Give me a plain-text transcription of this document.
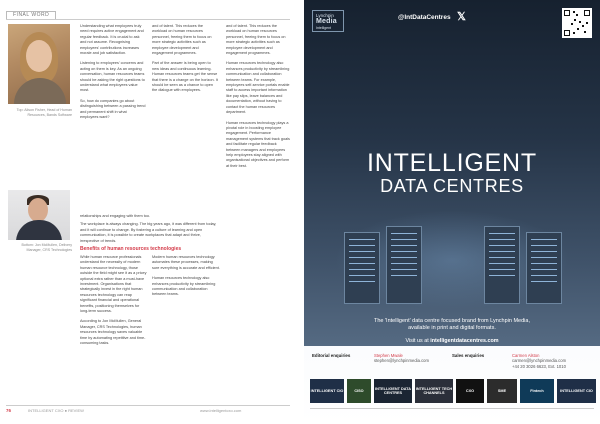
FINAL WORD
Top: Alison Fisher, Head of Human Resources, Bands Software
Bottom: Jon McMullen, Delivery Manager, CRS Technologies

Understanding what employees truly need requires active engagement and regular feedback. It is crucial to ask and not assume. Recognising employees' contributions increases morale and job satisfaction.

Listening to employees' concerns and acting on them is key. As an ongoing conversation, human resources teams should be asking the right questions to understand what employees value most.

So, how do companies go about distinguishing between a passing trend and permanent shift in what employees want?

and of talent. This reduces the workload on human resources personnel, freeing them to focus on more strategic activities such as employee development and engagement programmes.

Part of the answer is being open to new ideas and continuous learning. Human resources teams get the sense that there is a change on the horizon. It should be seen as a chance to open the dialogue with employees.

relationships and engaging with them too.

The workplace is always changing. The big years ago, it was different from today, and it will continue to change. By fostering a culture of learning and open communication, it is possible to create workplaces that adapt and thrive, irrespective of trends.

Benefits of human resources technologies

While human resource professionals understand the necessity of modern human resource technology, those outside the field might see it as a pricey optional extra rather than a must-have investment. Organisations that strategically invest in the right human resources technology can reap significant financial and operational benefits, positioning themselves for long-term success.

According to Jon McMullen, General Manager, CRS Technologies, human resources technology saves valuable time by automating repetitive and time-consuming tasks.

Modern human resources technology automates these processes, making sure everything is accurate and efficient.

Human resources technology also enhances productivity by streamlining communication and collaboration between teams.

and of talent. This reduces the workload on human resources personnel, freeing them to focus on more strategic activities such as employee development and engagement programmes.

Human resources technology also enhances productivity by streamlining communication and collaboration between teams. For example, employees self-service portals enable staff to access important information like pay slips, leave balances and documentation, without having to contact the human resources department.

Human resources technology plays a pivotal role in boosting employee engagement. Performance management systems that track goals and facilitate regular feedback between managers and employees help employees stay aligned with organisational objectives and perform at their best.

76	INTELLIGENT CXO ● REVIEW	www.intelligentcxo.com
Lynchpin
Media
Intelligent
@IntDataCentres 𝕏
INTELLIGENT
DATA CENTRES
The 'Intelligent' data centre focused brand from Lynchpin Media,
available in print and digital formats.
Visit us at intelligentdatacentres.com
Editorial enquiries	Stephen Mwale
stephen@lynchpinmedia.com
Sales enquiries	Carmen Alston
carmen@lynchpinmedia.com
+44 20 3026 6623, Ext. 1010
INTELLIGENT CIO	CISO
INTELLIGENT DATA CENTRES
INTELLIGENT TECH CHANNELS
CXO	SME	Fintech	INTELLIGENT CIO
